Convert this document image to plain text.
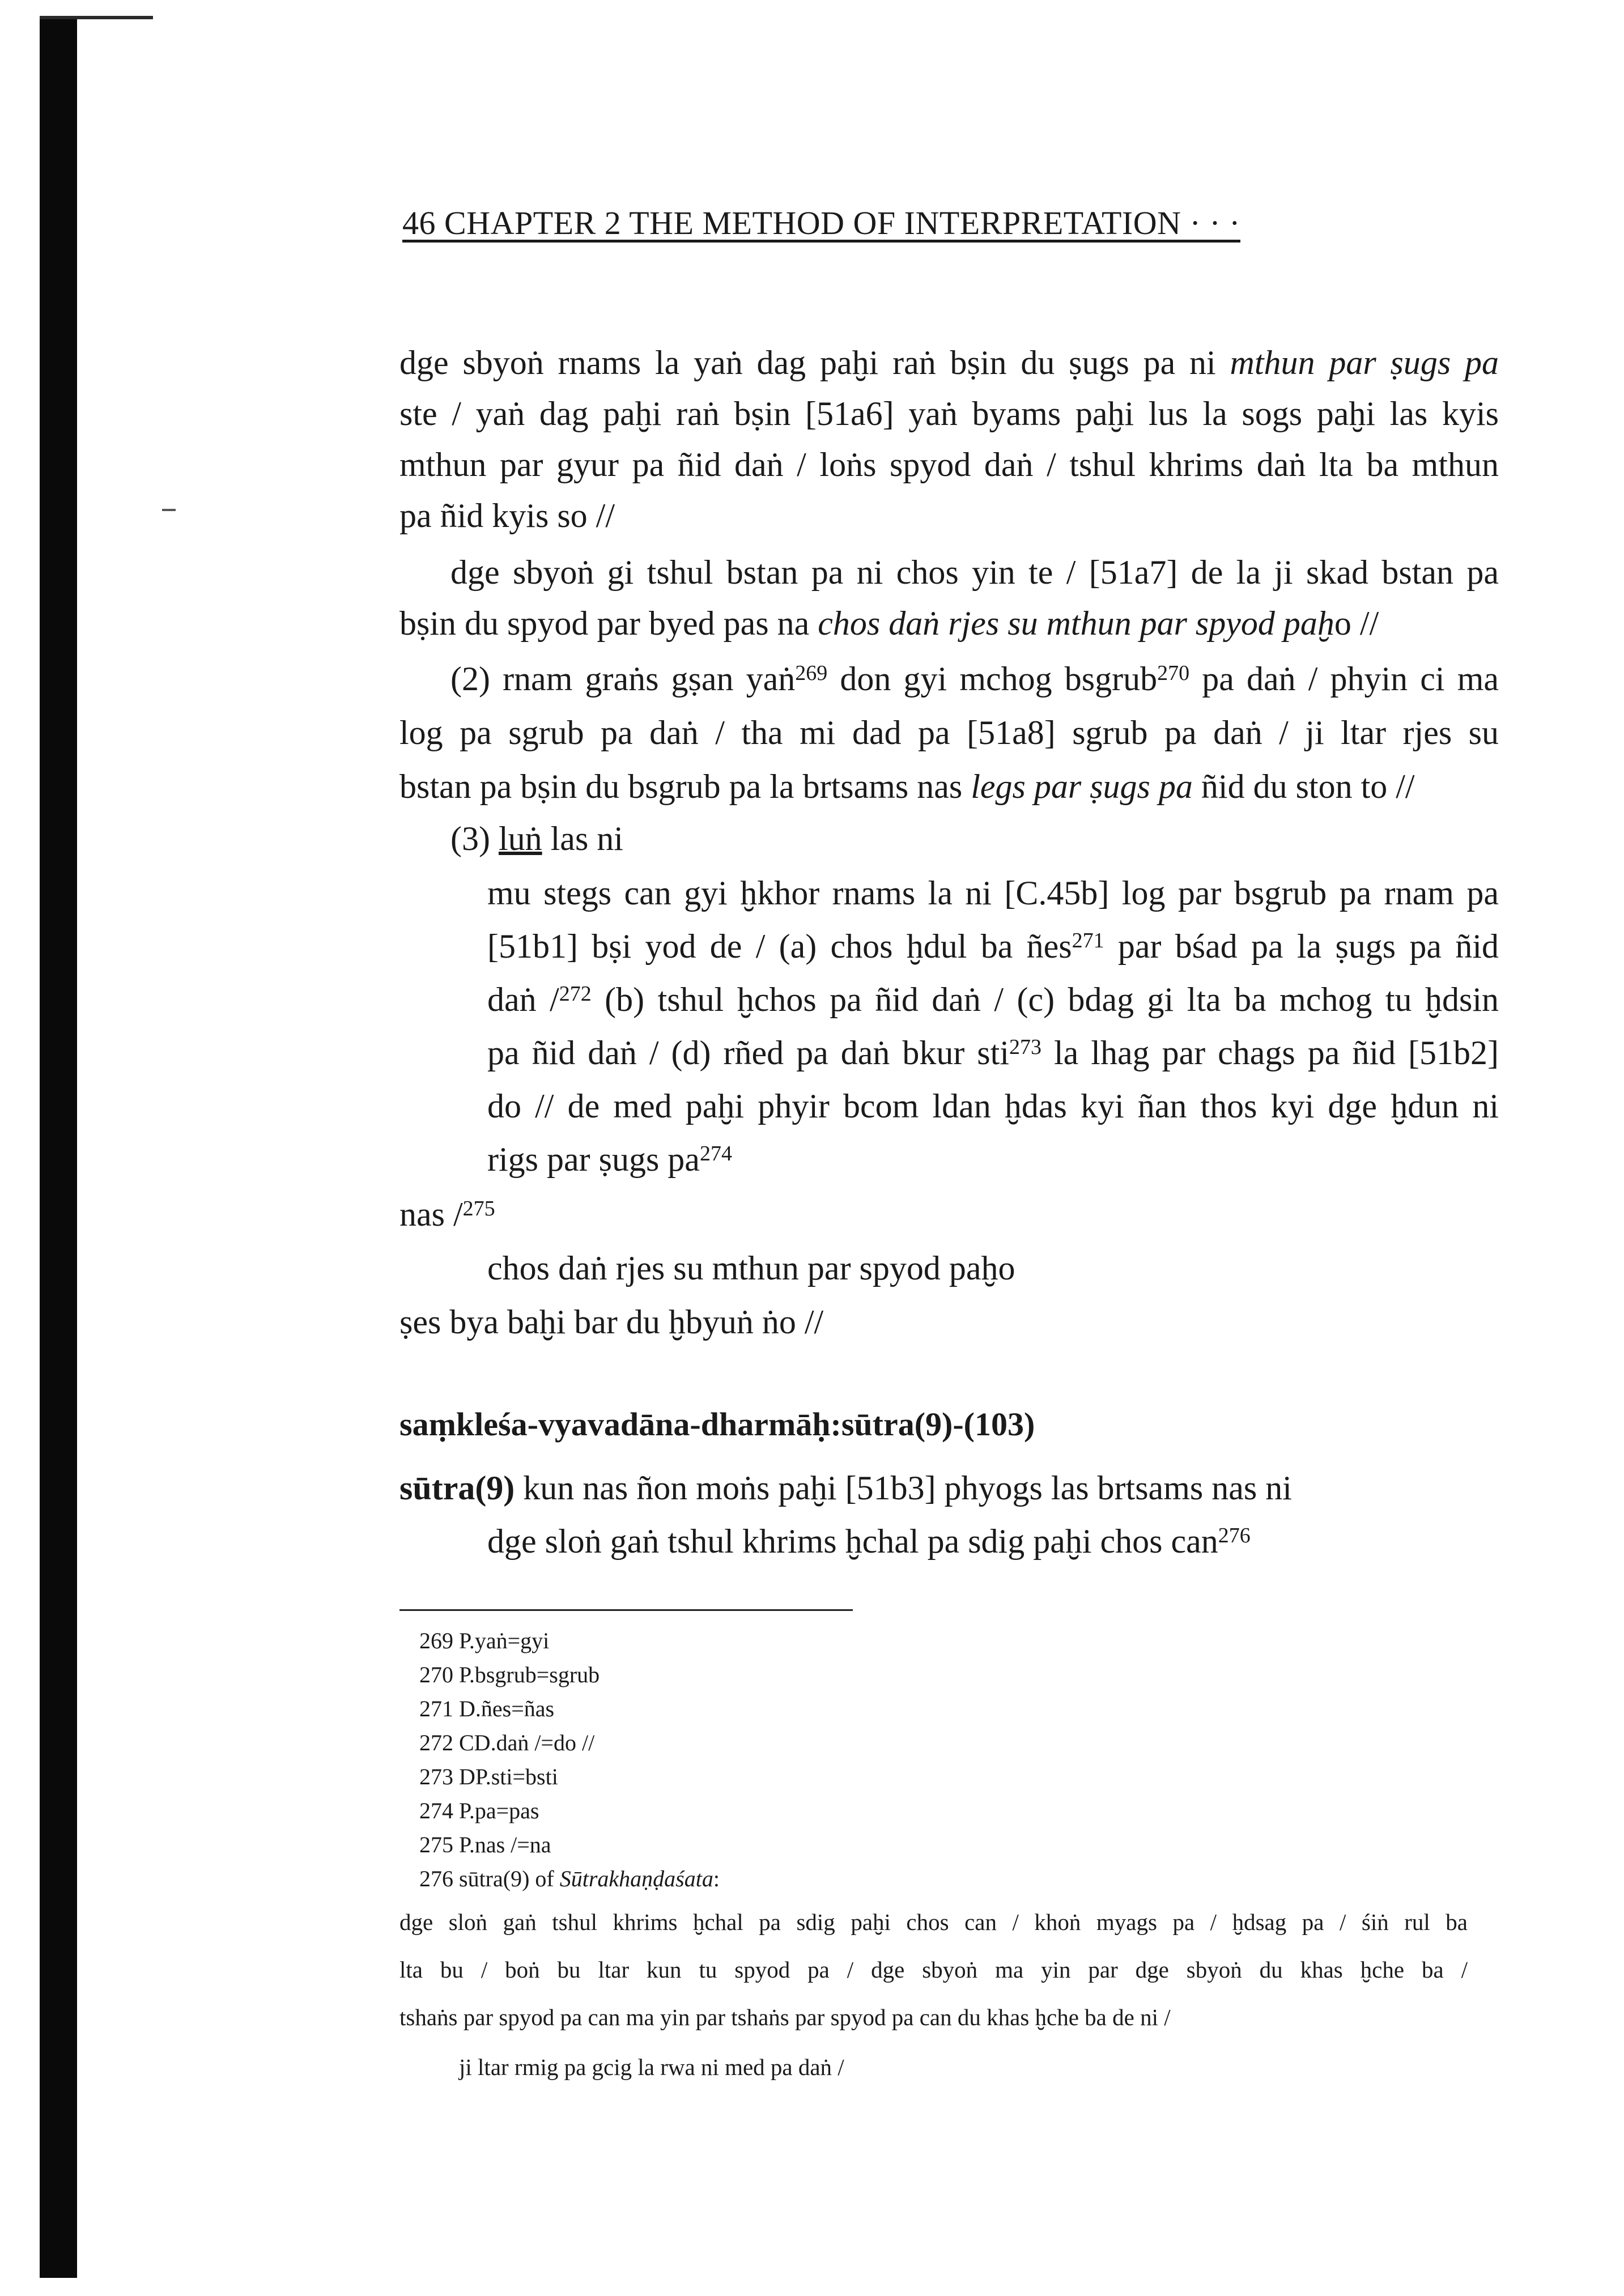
46 CHAPTER 2 THE METHOD OF INTERPRETATION · · ·
dge sbyoṅ rnams la yaṅ dag paḫi raṅ bṣin du ṣugs pa ni mthun par ṣugs pa
ste / yaṅ dag paḫi raṅ bṣin [51a6] yaṅ byams paḫi lus la sogs paḫi las kyis
mthun par gyur pa ñid daṅ / loṅs spyod daṅ / tshul khrims daṅ lta ba mthun
pa ñid kyis so //
dge sbyoṅ gi tshul bstan pa ni chos yin te / [51a7] de la ji skad bstan pa
bṣin du spyod par byed pas na chos daṅ rjes su mthun par spyod paḫo //
(2) rnam graṅs gṣan yaṅ$^{269}$ don gyi mchog bsgrub$^{270}$ pa daṅ / phyin ci ma
log pa sgrub pa daṅ / tha mi dad pa [51a8] sgrub pa daṅ / ji ltar rjes su
bstan pa bṣin du bsgrub pa la brtsams nas legs par ṣugs pa ñid du ston to //
(3) luṅ las ni
mu stegs can gyi ḫkhor rnams la ni [C.45b] log par bsgrub pa rnam pa
[51b1] bṣi yod de / (a) chos ḫdul ba ñes$^{271}$ par bśad pa la ṣugs pa ñid
daṅ /$^{272}$ (b) tshul ḫchos pa ñid daṅ / (c) bdag gi lta ba mchog tu ḫdsin
pa ñid daṅ / (d) rñed pa daṅ bkur sti$^{273}$ la lhag par chags pa ñid [51b2]
do // de med paḫi phyir bcom ldan ḫdas kyi ñan thos kyi dge ḫdun ni
rigs par ṣugs $pa^{274}$
nas /$^{275}$
chos daṅ rjes su mthun par spyod paḫo
ṣes bya baḫi bar du ḫbyuṅ ṅo //
saṃkleśa-vyavadāna-dharmāḥ:sūtra(9)-(103)
sūtra(9) kun nas ñon moṅs paḫi [51b3] phyogs las brtsams nas ni
dge sloṅ gaṅ tshul khrims ḫchal pa sdig paḫi chos can$^{276}$
269 P.yaṅ=gyi
270 P.bsgrub=sgrub
271 D.ñes=ñas
272 CD.daṅ /=do //
273 DP.sti=bsti
274 P.pa=pas
275 P.nas /=na
276 sūtra(9) of Sūtrakhaṇḍaśata:
dge sloṅ gaṅ tshul khrims ḫchal pa sdig paḫi chos can / khoṅ myags pa / ḫdsag pa / śiṅ rul ba
lta bu / boṅ bu ltar kun tu spyod pa / dge sbyoṅ ma yin par dge sbyoṅ du khas ḫche ba /
tshaṅs par spyod pa can ma yin par tshaṅs par spyod pa can du khas ḫche ba de ni /
ji ltar rmig pa gcig la rwa ni med pa daṅ /
